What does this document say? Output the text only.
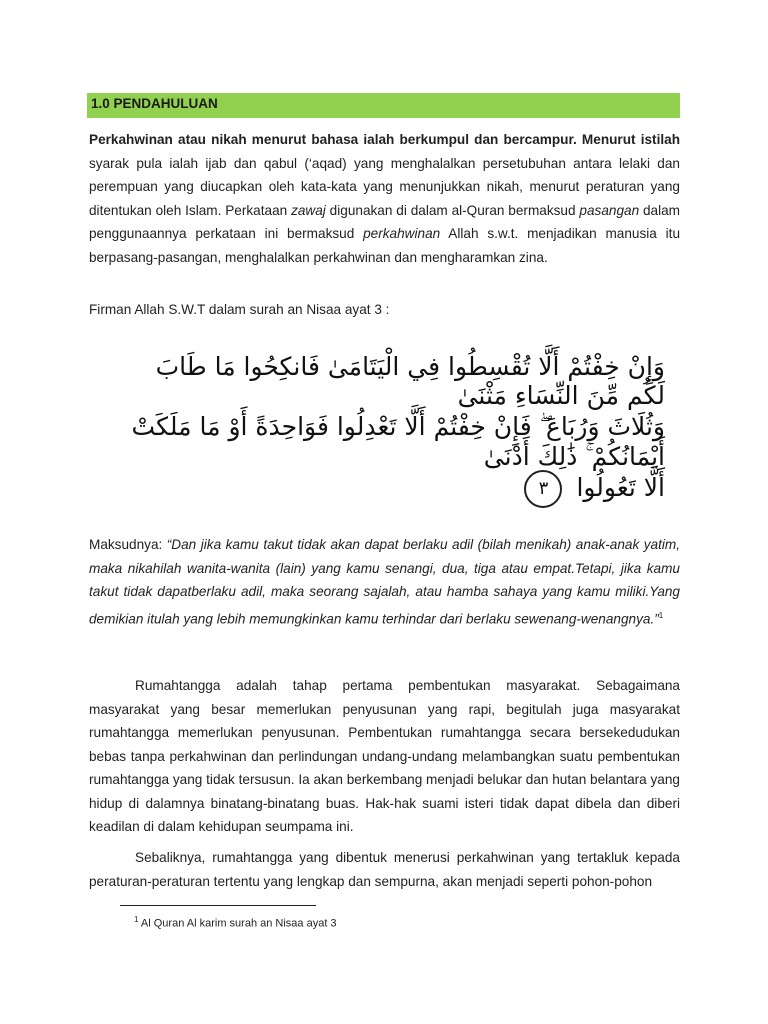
1.0 PENDAHULUAN
Perkahwinan atau nikah menurut bahasa ialah berkumpul dan bercampur. Menurut istilah syarak pula ialah ijab dan qabul (‘aqad) yang menghalalkan persetubuhan antara lelaki dan perempuan yang diucapkan oleh kata-kata yang menunjukkan nikah, menurut peraturan yang ditentukan oleh Islam. Perkataan zawaj digunakan di dalam al-Quran bermaksud pasangan dalam penggunaannya perkataan ini bermaksud perkahwinan Allah s.w.t. menjadikan manusia itu berpasang-pasangan, menghalalkan perkahwinan dan mengharamkan zina.
Firman Allah S.W.T dalam surah an Nisaa ayat 3 :
وَإِنْ خِفْتُمْ أَلَّا تُقْسِطُوا فِي الْيَتَامَىٰ فَانكِحُوا مَا طَابَ لَكُم مِّنَ النِّسَاءِ مَثْنَىٰ
وَثُلَاثَ وَرُبَاعَ ۖ فَإِنْ خِفْتُمْ أَلَّا تَعْدِلُوا فَوَاحِدَةً أَوْ مَا مَلَكَتْ أَيْمَانُكُمْ ۚ ذَٰلِكَ أَدْنَىٰ
أَلَّا تَعُولُوا ٣
Maksudnya: “Dan jika kamu takut tidak akan dapat berlaku adil (bilah menikah) anak-anak yatim, maka nikahilah wanita-wanita (lain) yang kamu senangi, dua, tiga atau empat.Tetapi, jika kamu takut tidak dapatberlaku adil, maka seorang sajalah, atau hamba sahaya yang kamu miliki.Yang demikian itulah yang lebih memungkinkan kamu terhindar dari berlaku sewenang-wenangnya.”$^1$
Rumahtangga adalah tahap pertama pembentukan masyarakat. Sebagaimana masyarakat yang besar memerlukan penyusunan yang rapi, begitulah juga masyarakat rumahtangga memerlukan penyusunan. Pembentukan rumahtangga secara bersekedudukan bebas tanpa perkahwinan dan perlindungan undang-undang melambangkan suatu pembentukan rumahtangga yang tidak tersusun. Ia akan berkembang menjadi belukar dan hutan belantara yang hidup di dalamnya binatang-binatang buas. Hak-hak suami isteri tidak dapat dibela dan diberi keadilan di dalam kehidupan seumpama ini.
Sebaliknya, rumahtangga yang dibentuk menerusi perkahwinan yang tertakluk kepada peraturan-peraturan tertentu yang lengkap dan sempurna, akan menjadi seperti pohon-pohon
$^1$ Al Quran Al karim surah an Nisaa ayat 3
